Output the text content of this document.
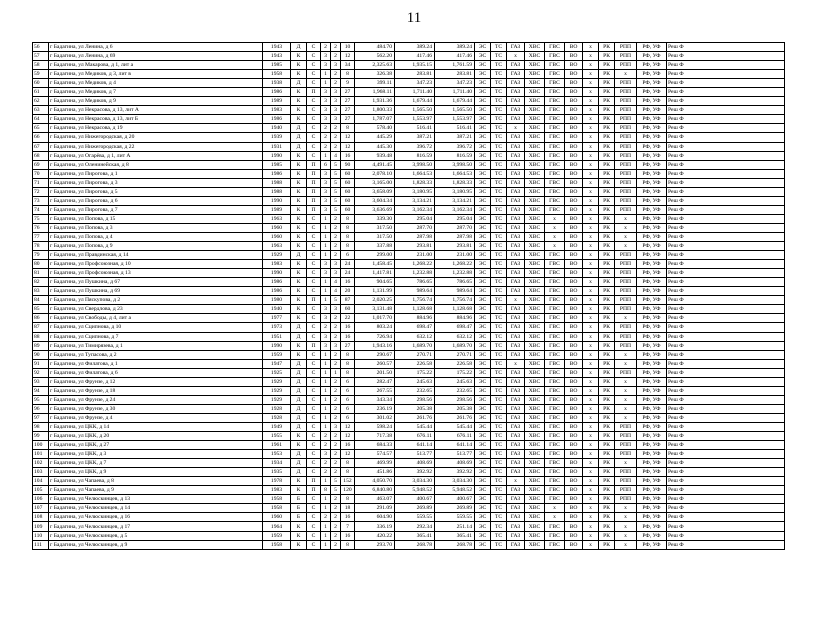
11
56	г Бадагина, ул Ленина, д 6	1943	Д	С	2	2	10	484.70	389.24	389.24	ЭС	ТС	ГАЗ	ХВС	ГВС	ВО	х	РК	РПП	РФ, УФ	Реш Ф
57	г Бадагина, ул Ленина, д 69	1943	К	С	3	2	12	562.20	417.46	417.46	ЭС	ТС	х	ХВС	ГВС	ВО	х	РК	РПП	РФ, УФ	Реш Ф
58	г Бадагина, ул Макаровa, д 1, лит а	1985	К	С	3	3	34	2,325.63	1,935.15	1,761.59	ЭС	ТС	ГАЗ	ХВС	ГВС	ВО	х	РК	РПП	РФ, УФ	Реш Ф
59	г Бадагина, ул Медиков, д 3, лит в	1958	К	С	1	2	8	326.38	283.81	283.81	ЭС	ТС	ГАЗ	ХВС	ГВС	ВО	х	РК	х	РФ, УФ	Реш Ф
60	г Бадагина, ул Медиков, д 4	1938	Д	С	1	2	9	399.11	347.23	347.23	ЭС	ТС	ГАЗ	ХВС	ГВС	ВО	х	РК	РПП	РФ, УФ	Реш Ф
61	г Бадагина, ул Медиков, д 7	1986	К	П	3	3	27	1,968.11	1,711.40	1,711.40	ЭС	ТС	ГАЗ	ХВС	ГВС	ВО	х	РК	РПП	РФ, УФ	Реш Ф
62	г Бадагина, ул Медиков, д 9	1989	К	С	3	3	27	1,931.36	1,679.44	1,679.44	ЭС	ТС	ГАЗ	ХВС	ГВС	ВО	х	РК	РПП	РФ, УФ	Реш Ф
63	г Бадагина, ул Некрасова, д 13, лит А	1983	К	С	3	3	27	1,800.33	1,565.50	1,565.50	ЭС	ТС	ГАЗ	ХВС	ГВС	ВО	х	РК	РПП	РФ, УФ	Реш Ф
64	г Бадагина, ул Некрасова, д 13, лит Б	1986	К	С	3	3	27	1,787.07	1,553.97	1,553.97	ЭС	ТС	ГАЗ	ХВС	ГВС	ВО	х	РК	РПП	РФ, УФ	Реш Ф
65	г Бадагина, ул Некрасова, д 19	1940	Д	С	2	2	8	578.40	516.41	516.41	ЭС	ТС	х	ХВС	ГВС	ВО	х	РК	РПП	РФ, УФ	Реш Ф
66	г Бадагина, ул Нижегородская, д 20	1939	Д	С	2	2	12	445.29	387.21	387.21	ЭС	ТС	ГАЗ	ХВС	ГВС	ВО	х	РК	РПП	РФ, УФ	Реш Ф
67	г Бадагина, ул Нижегородская, д 22	1931	Д	С	2	2	12	445.30	396.72	396.72	ЭС	ТС	ГАЗ	ХВС	ГВС	ВО	х	РК	РПП	РФ, УФ	Реш Ф
68	г Бадагина, ул Огарёва, д 1, лит А	1990	К	С	1	4	16	939.48	816.59	816.59	ЭС	ТС	ГАЗ	ХВС	ГВС	ВО	х	РК	РПП	РФ, УФ	Реш Ф
69	г Бадагина, ул Оленинейская, д 8	1985	К	П	6	5	90	4,491.45	3,998.50	3,998.50	ЭС	ТС	ГАЗ	ХВС	ГВС	ВО	х	РК	РПП	РФ, УФ	Реш Ф
70	г Бадагина, ул Пирогова, д 1	1986	К	П	3	5	60	2,078.10	1,664.53	1,664.53	ЭС	ТС	ГАЗ	ХВС	ГВС	ВО	х	РК	РПП	РФ, УФ	Реш Ф
71	г Бадагина, ул Пирогова, д 3	1988	К	П	3	5	60	3,165.00	1,828.33	1,828.33	ЭС	ТС	ГАЗ	ХВС	ГВС	ВО	х	РК	РПП	РФ, УФ	Реш Ф
72	г Бадагина, ул Пирогова, д 5	1988	К	П	3	5	60	3,658.09	3,180.95	3,180.95	ЭС	ТС	ГАЗ	ХВС	ГВС	ВО	х	РК	РПП	РФ, УФ	Реш Ф
73	г Бадагина, ул Пирогова, д 6	1990	К	П	3	5	60	3,604.34	3,134.21	3,134.21	ЭС	ТС	ГАЗ	ХВС	ГВС	ВО	х	РК	РПП	РФ, УФ	Реш Ф
74	г Бадагина, ул Пирогова, д 7	1989	К	П	3	5	60	3,636.69	3,162.34	3,162.34	ЭС	ТС	ГАЗ	ХВС	ГВС	ВО	х	РК	РПП	РФ, УФ	Реш Ф
75	г Бадагина, ул Попова, д 15	1963	К	С	1	2	8	339.30	295.04	295.04	ЭС	ТС	ГАЗ	ХВС	х	ВО	х	РК	х	РФ, УФ	Реш Ф
76	г Бадагина, ул Попова, д 3	1960	К	С	1	2	8	317.50	287.70	287.70	ЭС	ТС	ГАЗ	ХВС	х	ВО	х	РК	х	РФ, УФ	Реш Ф
77	г Бадагина, ул Попова, д 4	1960	К	С	1	2	8	317.50	287.98	287.98	ЭС	ТС	ГАЗ	ХВС	х	ВО	х	РК	х	РФ, УФ	Реш Ф
78	г Бадагина, ул Попова, д 9	1963	К	С	1	2	8	337.88	293.81	293.81	ЭС	ТС	ГАЗ	ХВС	х	ВО	х	РК	х	РФ, УФ	Реш Ф
79	г Бадагина, ул Правдинская, д 14	1929	Д	С	1	2	6	299.00	231.00	231.00	ЭС	ТС	ГАЗ	ХВС	ГВС	ВО	х	РК	РПП	РФ, УФ	Реш Ф
80	г Бадагина, ул Профсоюзная, д 10	1983	К	С	3	3	24	1,458.45	1,268.22	1,268.22	ЭС	ТС	ГАЗ	ХВС	ГВС	ВО	х	РК	РПП	РФ, УФ	Реш Ф
81	г Бадагина, ул Профсоюзная, д 13	1990	К	С	3	3	24	1,417.81	1,232.88	1,232.88	ЭС	ТС	ГАЗ	ХВС	ГВС	ВО	х	РК	РПП	РФ, УФ	Реш Ф
82	г Бадагина, ул Пушкина, д 67	1986	К	С	1	4	16	904.65	786.65	786.65	ЭС	ТС	ГАЗ	ХВС	ГВС	ВО	х	РК	РПП	РФ, УФ	Реш Ф
83	г Бадагина, ул Пушкина, д 69	1986	К	С	1	4	20	1,131.99	989.64	989.64	ЭС	ТС	ГАЗ	ХВС	ГВС	ВО	х	РК	РПП	РФ, УФ	Реш Ф
84	г Бадагина, ул Пяскупова, д 2	1980	К	П	1	5	87	2,020.25	1,756.74	1,756.74	ЭС	ТС	х	ХВС	ГВС	ВО	х	РК	РПП	РФ, УФ	Реш Ф
85	г Бадагина, ул Свердлова, д 23	1940	К	С	3	3	60	3,131.48	1,128.68	1,128.68	ЭС	ТС	ГАЗ	ХВС	ГВС	ВО	х	РК	РПП	РФ, УФ	Реш Ф
86	г Бадагина, ул Свободы, д 4, лит а	1977	К	С	3	2	22	1,017.70	884.96	884.96	ЭС	ТС	ГАЗ	ХВС	ГВС	ВО	х	РК	х	РФ, УФ	Реш Ф
87	г Бадагина, ул Сципнова, д 10	1973	Д	С	2	2	16	803.24	698.47	698.47	ЭС	ТС	ГАЗ	ХВС	ГВС	ВО	х	РК	РПП	РФ, УФ	Реш Ф
88	г Бадагина, ул Сципнова, д 7	1951	Д	С	3	2	16	726.94	632.12	632.12	ЭС	ТС	ГАЗ	ХВС	ГВС	ВО	х	РК	РПП	РФ, УФ	Реш Ф
89	г Бадагина, ул Тимирязева, д 1	1990	К	П	3	3	27	1,943.16	1,689.70	1,689.70	ЭС	ТС	ГАЗ	ХВС	ГВС	ВО	х	РК	РПП	РФ, УФ	Реш Ф
90	г Бадагина, ул Тупасова, д 2	1959	К	С	1	2	8	290.67	270.71	270.71	ЭС	ТС	ГАЗ	ХВС	ГВС	ВО	х	РК	х	РФ, УФ	Реш Ф
91	г Бадагина, ул Филатова, д 1	1947	Д	С	1	2	8	260.57	226.58	226.58	ЭС	ТС	х	ХВС	ГВС	ВО	х	РК	х	РФ, УФ	Реш Ф
92	г Бадагина, ул Филатова, д 6	1925	Д	С	1	1	8	201.50	175.22	175.22	ЭС	ТС	ГАЗ	ХВС	ГВС	ВО	х	РК	РПП	РФ, УФ	Реш Ф
93	г Бадагина, ул Фрунзе, д 12	1929	Д	С	1	2	6	282.47	245.63	245.63	ЭС	ТС	ГАЗ	ХВС	ГВС	ВО	х	РК	х	РФ, УФ	Реш Ф
94	г Бадагина, ул Фрунзе, д 18	1929	Д	С	1	2	6	267.55	232.65	232.65	ЭС	ТС	ГАЗ	ХВС	ГВС	ВО	х	РК	х	РФ, УФ	Реш Ф
95	г Бадагина, ул Фрунзе, д 24	1929	Д	С	1	2	6	343.34	298.56	298.56	ЭС	ТС	ГАЗ	ХВС	ГВС	ВО	х	РК	х	РФ, УФ	Реш Ф
96	г Бадагина, ул Фрунзе, д 30	1928	Д	С	1	2	6	236.19	205.38	205.38	ЭС	ТС	ГАЗ	ХВС	ГВС	ВО	х	РК	х	РФ, УФ	Реш Ф
97	г Бадагина, ул Фрунзе, д 4	1928	Д	С	1	2	6	301.02	261.76	261.76	ЭС	ТС	ГАЗ	ХВС	ГВС	ВО	х	РК	х	РФ, УФ	Реш Ф
98	г Бадагина, ул ЦКК, д 14	1949	Д	С	1	3	12	598.24	545.44	545.44	ЭС	ТС	ГАЗ	ХВС	ГВС	ВО	х	РК	РПП	РФ, УФ	Реш Ф
99	г Бадагина, ул ЦКК, д 20	1955	К	С	2	2	12	717.38	676.11	676.11	ЭС	ТС	ГАЗ	ХВС	ГВС	ВО	х	РК	РПП	РФ, УФ	Реш Ф
100	г Бадагина, ул ЦКК, д 27	1961	К	С	2	2	16	684.33	641.14	641.14	ЭС	ТС	ГАЗ	ХВС	ГВС	ВО	х	РК	РПП	РФ, УФ	Реш Ф
101	г Бадагина, ул ЦКК, д 3	1953	Д	С	3	2	12	574.57	513.77	513.77	ЭС	ТС	ГАЗ	ХВС	ГВС	ВО	х	РК	РПП	РФ, УФ	Реш Ф
102	г Бадагина, ул ЦКК, д 7	1934	Д	С	2	2	8	469.99	408.69	408.69	ЭС	ТС	ГАЗ	ХВС	ГВС	ВО	х	РК	х	РФ, УФ	Реш Ф
103	г Бадагина, ул ЦКК, д 9	1935	Д	С	2	2	8	451.86	392.92	392.92	ЭС	ТС	ГАЗ	ХВС	ГВС	ВО	х	РК	РПП	РФ, УФ	Реш Ф
104	г Бадагина, ул Чапаева, д 8	1978	К	П	1	5	152	4,050.70	3,034.30	3,034.30	ЭС	ТС	х	ХВС	ГВС	ВО	х	РК	РПП	РФ, УФ	Реш Ф
105	г Бадагина, ул Чапаева, д 9	1983	К	П	8	5	120	6,840.80	5,948.52	5,948.52	ЭС	ТС	ГАЗ	ХВС	ГВС	ВО	х	РК	РПП	РФ, УФ	Реш Ф
106	г Бадагина, ул Челюскинцев, д 13	1958	Б	С	1	2	8	463.07	400.67	400.67	ЭС	ТС	ГАЗ	ХВС	ГВС	ВО	х	РК	РПП	РФ, УФ	Реш Ф
107	г Бадагина, ул Челюскинцев, д 14	1958	Б	С	1	2	18	291.09	269.89	269.89	ЭС	ТС	ГАЗ	ХВС	х	ВО	х	РК	х	РФ, УФ	Реш Ф
108	г Бадагина, ул Челюскинцев, д 16	1960	Б	С	2	2	16	604.90	559.55	559.55	ЭС	ТС	ГАЗ	ХВС	х	ВО	х	РК	х	РФ, УФ	Реш Ф
109	г Бадагина, ул Челюскинцев, д 17	1964	К	С	1	2	7	336.19	292.34	251.14	ЭС	ТС	ГАЗ	ХВС	ГВС	ВО	х	РК	х	РФ, УФ	Реш Ф
110	г Бадагина, ул Челюскинцев, д 5	1959	К	С	1	2	16	420.22	365.41	365.41	ЭС	ТС	ГАЗ	ХВС	ГВС	ВО	х	РК	х	РФ, УФ	Реш Ф
111	г Бадагина, ул Челюскинцев, д 9	1958	К	С	1	2	8	293.70	268.78	268.78	ЭС	ТС	ГАЗ	ХВС	ГВС	ВО	х	РК	х	РФ, УФ	Реш Ф
